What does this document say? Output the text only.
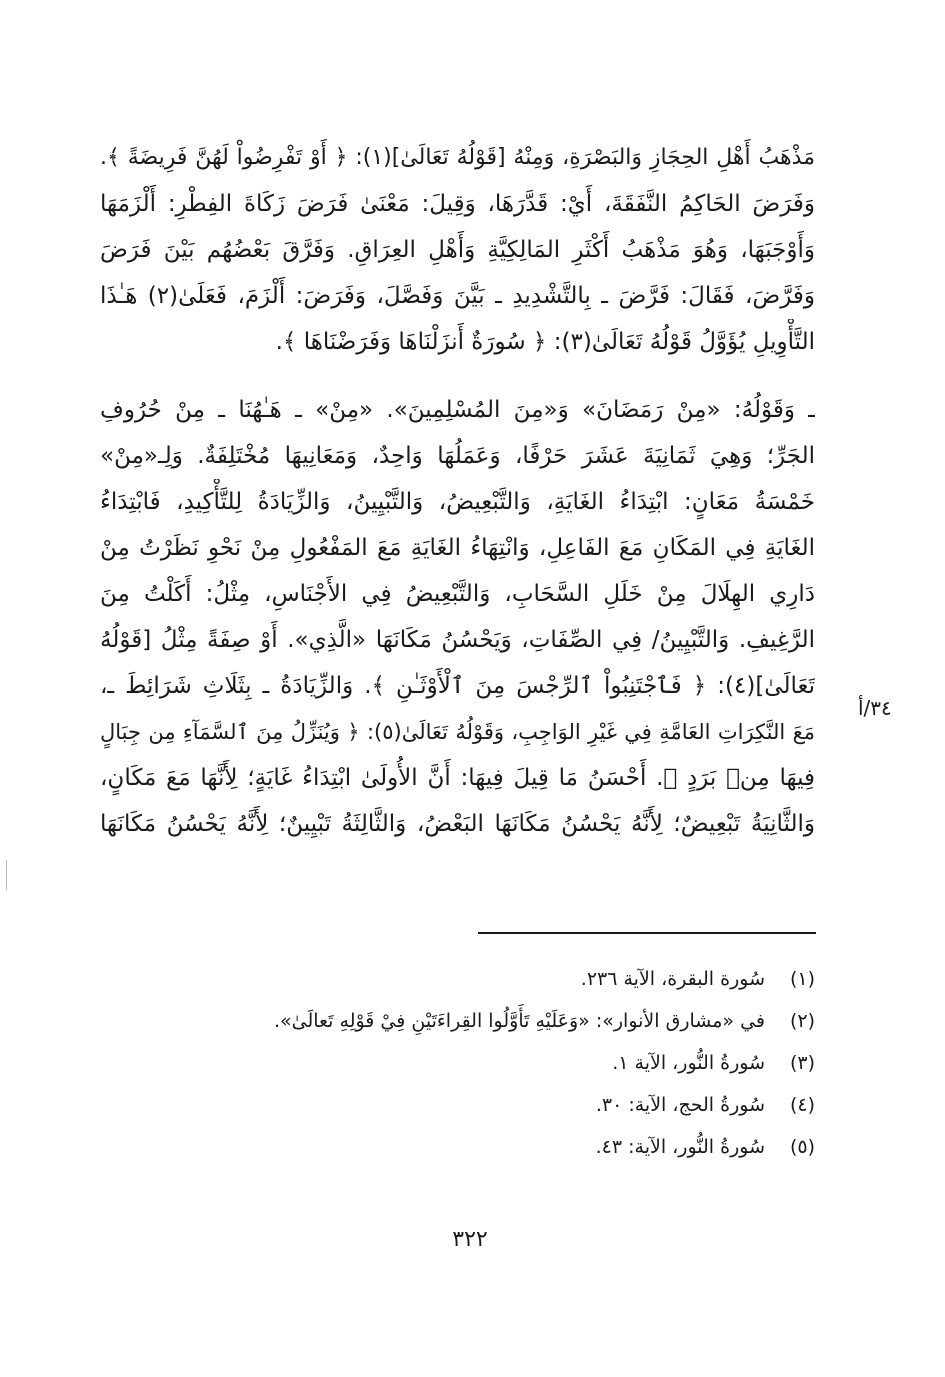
مَذْهَبُ أَهْلِ الحِجَازِ وَالبَصْرَةِ، وَمِنْهُ [قَوْلُهُ تَعَالَىٰ](١): ﴿ أَوْ تَفْرِضُواْ لَهُنَّ فَرِيضَةً ﴾.
وَفَرَضَ الحَاكِمُ النَّفَقَةَ، أَيْ: قَدَّرَهَا، وَقِيلَ: مَعْنَىٰ فَرَضَ زَكَاةَ الفِطْرِ: أَلْزَمَهَا
وَأَوْجَبَهَا، وَهُوَ مَذْهَبُ أَكْثَرِ المَالِكِيَّةِ وَأَهْلِ العِرَاقِ. وَفَرَّقَ بَعْضُهُم بَيْنَ فَرَضَ
وَفَرَّضَ، فَقَالَ: فَرَّضَ ـ بِالتَّشْدِيدِ ـ بَيَّنَ وَفَصَّلَ، وَفَرَضَ: أَلْزَمَ، فَعَلَىٰ(٢) هَـٰذَا
التَّأْوِيلِ يُؤَوَّلُ قَوْلُهُ تَعَالَىٰ(٣): ﴿ سُورَةٌ أَنزَلْنَاهَا وَفَرَضْنَاهَا ﴾.
ـ وَقَوْلُهُ: «مِنْ رَمَضَانَ» وَ«مِنَ المُسْلِمِينَ». «مِنْ» ـ هَـٰهُنَا ـ مِنْ حُرُوفِ
الجَرِّ؛ وَهِيَ ثَمَانِيَةَ عَشَرَ حَرْفًا، وَعَمَلُهَا وَاحِدٌ، وَمَعَانِيهَا مُخْتَلِفَةٌ. وَلِـ«مِنْ»
خَمْسَةُ مَعَانٍ: ابْتِدَاءُ الغَايَةِ، وَالتَّبْعِيضُ، وَالتَّبْيِينُ، وَالزِّيَادَةُ لِلتَّأْكِيدِ، فَابْتِدَاءُ
الغَايَةِ فِي المَكَانِ مَعَ الفَاعِلِ، وَانْتِهَاءُ الغَايَةِ مَعَ المَفْعُولِ مِنْ نَحْوِ نَظَرْتُ مِنْ
دَارِي الهِلَالَ مِنْ خَلَلِ السَّحَابِ، وَالتَّبْعِيضُ فِي الأَجْنَاسِ، مِثْلُ: أَكَلْتُ مِنَ
الرَّغِيفِ. وَالتَّبْيِينُ/ فِي الصِّفَاتِ، وَيَحْسُنُ مَكَانَهَا «الَّذِي». أَوْ صِفَةً مِثْلُ [قَوْلُهُ
تَعَالَىٰ](٤): ﴿ فَٱجْتَنِبُواْ ٱلرِّجْسَ مِنَ ٱلْأَوْثَـٰنِ ﴾. وَالزِّيَادَةُ ـ بِثَلَاثِ شَرَائِطَ ـ،
مَعَ النَّكِرَاتِ العَامَّةِ فِي غَيْرِ الوَاجِبِ، وَقَوْلُهُ تَعَالَىٰ(٥): ﴿ وَيُنَزِّلُ مِنَ ٱلسَّمَآءِ مِن جِبَالٍ
فِيهَا مِنۢ بَرَدٍ ﴾. أَحْسَنُ مَا قِيلَ فِيهَا: أَنَّ الأُولَىٰ ابْتِدَاءُ غَايَةٍ؛ لِأَنَّهَا مَعَ مَكَانٍ،
وَالثَّانِيَةُ تَبْعِيضٌ؛ لِأَنَّهُ يَحْسُنُ مَكَانَهَا البَعْضُ، وَالثَّالِثَةُ تَبْيِينٌ؛ لِأَنَّهُ يَحْسُنُ مَكَانَهَا
٣٤/أ
(١)
سُورة البقرة، الآية ٢٣٦.
(٢)
في «مشارق الأنوار»: «وَعَلَيْهِ تَأَوَّلُوا القِراءَتَيْنِ فِيْ قَوْلِهِ تَعالَىٰ».
(٣)
سُورةُ النُّور، الآية ١.
(٤)
سُورةُ الحج، الآية: ٣٠.
(٥)
سُورةُ النُّور، الآية: ٤٣.
٣٢٢
